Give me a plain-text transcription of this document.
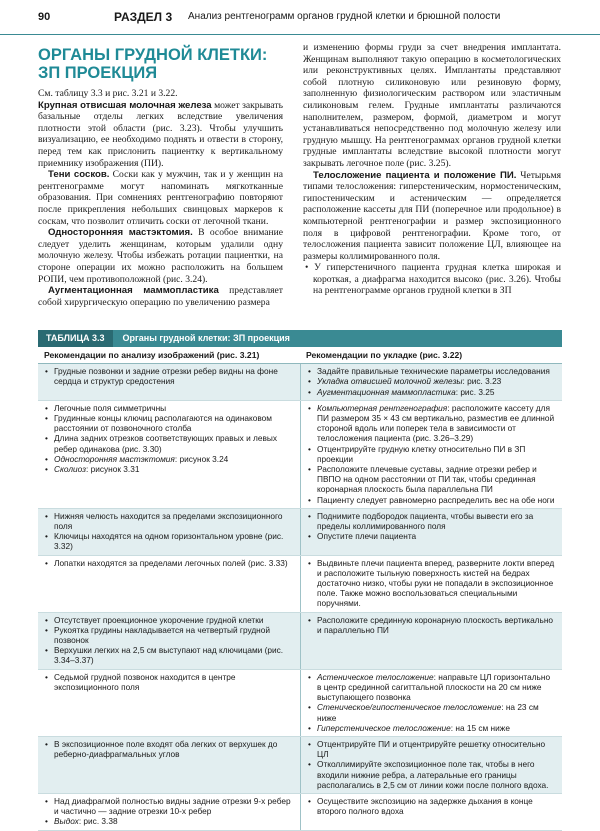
90	РАЗДЕЛ 3 Анализ рентгенограмм органов грудной клетки и брюшной полости
ОРГАНЫ ГРУДНОЙ КЛЕТКИ:
ЗП ПРОЕКЦИЯ

См. таблицу 3.3 и рис. 3.21 и 3.22.

Крупная отвисшая молочная железа может закрывать базальные отделы легких вследствие увеличения плотности этой области (рис. 3.23). Чтобы улучшить визуализацию, ее необходимо поднять и отвести в сторону, перед тем как прислонить пациентку к вертикальному приемнику изображения (ПИ).

Тени сосков. Соски как у мужчин, так и у женщин на рентгенограмме могут напоминать мягкотканные образования. При сомнениях рентгенографию повторяют после прикрепления небольших свинцовых маркеров к соскам, что позволит отличить соски от легочной ткани.

Односторонняя мастэктомия. В особое внимание следует уделить женщинам, которым удалили одну молочную железу. Чтобы избежать ротации пациентки, на стороне операции их можно расположить на большем РОПИ, чем противоположной (рис. 3.24).

Аугментационная маммопластика представляет собой хирургическую операцию по увеличению размера

и изменению формы груди за счет внедрения имплантата. Женщинам выполняют такую операцию в косметологических или реконструктивных целях. Имплантаты представляют собой плотную силиконовую или резиновую форму, заполненную физиологическим раствором или эластичным силиконовым гелем. Грудные имплантаты различаются наполнителем, размером, формой, диаметром и могут устанавливаться непосредственно под молочную железу или грудную мышцу. На рентгенограммах органов грудной клетки грудные имплантаты вследствие высокой плотности могут закрывать легочное поле (рис. 3.25).

Телосложение пациента и положение ПИ. Четырьмя типами телосложения: гиперстеническим, нормостеническим, гипостеническим и астеническим — определяется расположение кассеты для ПИ (поперечное или продольное) в компьютерной рентгенографии и размер экспозиционного поля в цифровой рентгенографии. Кроме того, от телосложения пациента зависит положение ЦЛ, влияющее на размеры коллимированного поля.

• У гиперстеничного пациента грудная клетка широкая и короткая, а диафрагма находится высоко (рис. 3.26). Чтобы на рентгенограмме органов грудной клетки в ЗП

ТАБЛИЦА 3.3	Органы грудной клетки: ЗП проекция
Рекомендации по анализу изображений (рис. 3.21)	Рекомендации по укладке (рис. 3.22)
• Грудные позвонки и задние отрезки ребер видны на фоне сердца и структур средостения
• Задайте правильные технические параметры исследования
• Укладка отвисшей молочной железы: рис. 3.23
• Аугментационная маммопластика: рис. 3.25
• Легочные поля симметричны
• Грудинные концы ключиц располагаются на одинаковом расстоянии от позвоночного столба
• Длина задних отрезков соответствующих правых и левых ребер одинакова (рис. 3.30)
• Односторонняя мастэктомия: рисунок 3.24
• Сколиоз: рисунок 3.31
• Компьютерная рентгенография: расположите кассету для ПИ размером 35 × 43 см вертикально, разместив ее длинной стороной вдоль или поперек тела в зависимости от телосложения пациента (рис. 3.26–3.29)
• Отцентрируйте грудную клетку относительно ПИ в ЗП проекции
• Расположите плечевые суставы, задние отрезки ребер и ПВПО на одном расстоянии от ПИ так, чтобы срединная коронарная плоскость была параллельна ПИ
• Пациенту следует равномерно распределить вес на обе ноги
• Нижняя челюсть находится за пределами экспозиционного поля
• Ключицы находятся на одном горизонтальном уровне (рис. 3.32)
• Поднимите подбородок пациента, чтобы вывести его за пределы коллимированного поля
• Опустите плечи пациента
• Лопатки находятся за пределами легочных полей (рис. 3.33)
•	Выдвиньте плечи пациента вперед, разверните локти вперед и расположите тыльную поверхность кистей на бедрах достаточно низко, чтобы руки не попадали в экспозиционное поле. Также можно воспользоваться специальными поручнями.
• Отсутствует проекционное укорочение грудной клетки
• Рукоятка грудины накладывается на четвертый грудной позвонок
• Верхушки легких на 2,5 см выступают над ключицами (рис. 3.34–3.37)
• Расположите срединную коронарную плоскость вертикально и параллельно ПИ
• Седьмой грудной позвонок находится в центре экспозиционного поля
• Астеническое телосложение: направьте ЦЛ горизонтально в центр срединной сагиттальной плоскости на 20 см ниже выступающего позвонка
• Стеническое/гипостеническое телосложение: на 23 см ниже
• Гиперстеническое телосложение: на 15 см ниже
• В экспозиционное поле входят оба легких от верхушек до реберно-диафрагмальных углов
• Отцентрируйте ПИ и отцентрируйте решетку относительно ЦЛ
• Отколлимируйте экспозиционное поле так, чтобы в него входили нижние ребра, а латеральные его границы располагались в 2,5 см от линии кожи после полного вдоха.
• Над диафрагмой полностью видны задние отрезки 9-х ребер и частично — задние отрезки 10-х ребер
• Выдох: рис. 3.38
• Осуществите экспозицию на задержке дыхания в конце второго полного вдоха
